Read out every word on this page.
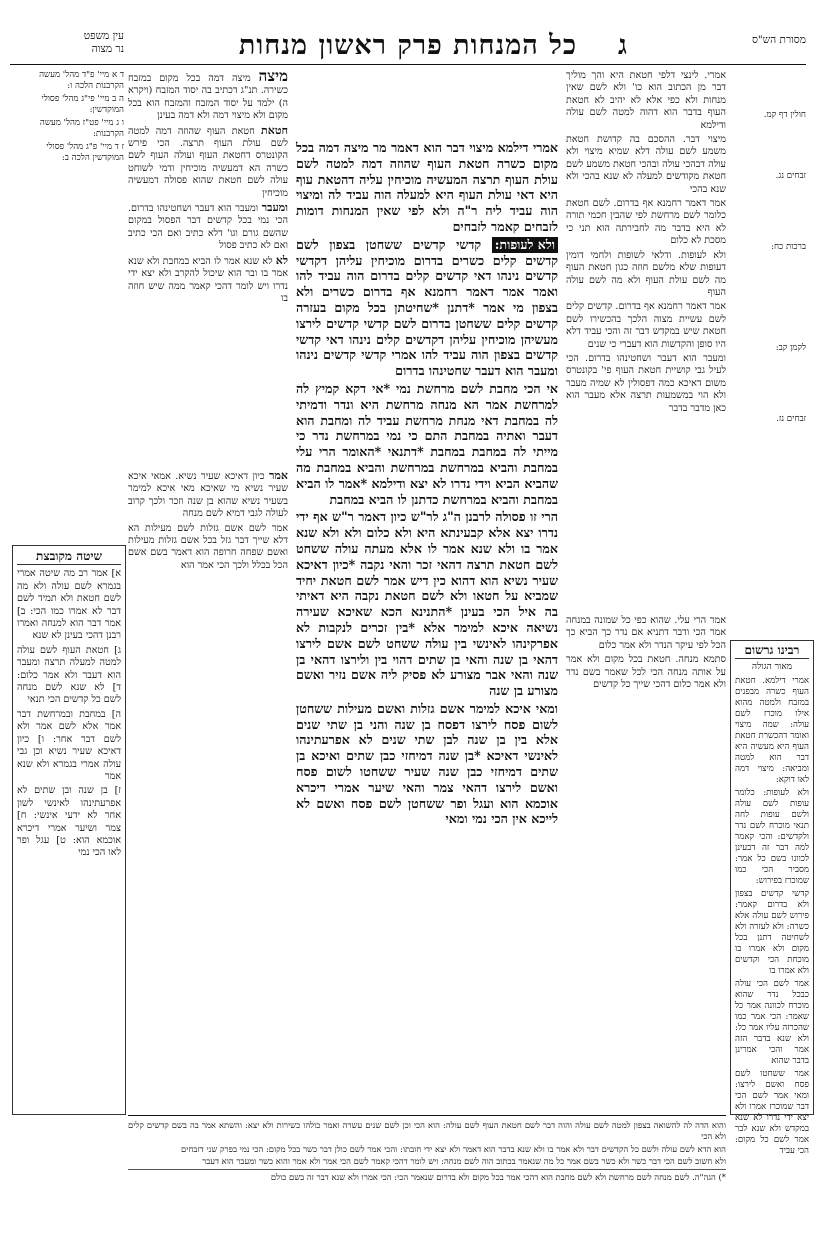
עין משפט
נר מצוה	כל המנחות פרק ראשון מנחות ג	מסורת הש"ס

ד א מיי' פ"ד מהל' מעשה הקרבנות הלכה ו:

ה ב מיי' פי"ג מהל' פסולי המוקדשין:

ו ג מיי' פט"ז מהל' מעשה הקרבנות:

ז ד מיי' פ"ג מהל' פסולי המוקדשין הלכה ב:

מיצה מיצה דמה בכל מקום במזבח כשירה. תנ"ג דכתיב בה יסוד המזבח (ויקרא ה) ילמד על יסוד המזבח והמזבח הוא בכל מקום ולא מיצוי דמה ולא דמה בעינן

חטאת חטאת העוף שהוזה דמה למטה לשם עולת העוף תרצה. הכי פירש הקונטרס דחטאת העוף ועולה העוף לשם כשרה הא דמעשיה מוכיחין ודמי לשוחט עולה לשם חטאת שהוא פסולה דמעשיה מוכיחין

ומעבר ומעבר הוא דעבר ושחטינהו בדרום. הכי נמי בכל קדשים דבר הפסול במקום שהשם גורם וגו' דלא כתיב ואם הכי כתיב ואם לא כתיב פסול

לא לא שנא אמר לו הביא במחבת ולא שנא אמר בו ובר הוא שיכול להקרב ולא יצא ידי נדרו ויש לומר דהכי קאמר ממה שיש חוזה בו

שיטה מקובצת

א] אמר רב מה שיטה אמרי בגמרא לשם עולה ולא מה לשם חטאת ולא תמיד לשם דבר לא אמרו כמו הכי: ב] אמר דבר הוא למנחה ואמרו רבנן דהכי בעינן לא שנא

ג] חטאת העוף לשם עולה למטה למעלה תרצה ומעבר הוא דעבר ולא אמר כלום: ד] לא שנא לשם מנחה לשם כל קדשים הכי תנאי

ה] במחבת ובמרחשת דבר אמר אלא לשם אמר ולא לשם דבר אחר: ו] כיון דאיכא שעיר נשיא וכן גבי עולה אמרי בגמרא ולא שנא אמר

ז] בן שנה ובן שתים לא אפרעתינהו לאינשי לשון אחר לא ידעי אינשי: ח] צמר ושיער אמרי דיכרא אוכמא הוא: ט] עגל ופר לאו הכי נמי

אמר כיון דאיכא שעיר נשיא. אמאי איכא שעיר נשיא מי שאיכא מאי איכא למימר בשעיר נשיא שהוא בן שנה וזכר ולכך קרוב לעולה לגבי דמיא לשם מנחה

אמר לשם אשם גזלות לשם מעילות הא דלא שייך דבר גזל בכל אשם גזלות מעילות ואשם שפחה חרופה הוא דאמר בשם אשם הכל בכלל ולכך הכי אמר הוא

אמרי דילמא מיצוי דבר הוא דאמר מר מיצה דמה בכל מקום כשרה חטאת העוף שהוזה דמה למטה לשם עולת העוף תרצה המעשיה מוכיחין עליה דהטאת עוף היא דאי עולת העוף היא למעלה הוה עביד לה ומיצוי הוה עביד ליה ר"ה ולא לפי שאין המנחות דומות לזבחים קאמר לזבחים

ולא לעופות: קדשי קדשים ששחטן בצפון לשם קדשים קלים כשרים בדרום מוכיחין עליהן דקדשי קדשים נינהו דאי קדשים קלים בדרום הוה עביד להו ואמר אמר דאמר רחמנא אף בדרום כשרים ולא בצפון מי אמר *דתנן *שחיטתן בכל מקום בעזרה קדשים קלים ששחטן בדרום לשם קדשי קדשים לירצו מעשיהן מוכיחין עליהן דקדשים קלים נינהו דאי קדשי קדשים בצפון הוה עביד להו אמרי קדשי קדשים נינהו ומעבר הוא דעבר שחטינהו בדרום

אי הכי מחבת לשם מרחשת נמי *אי דקא קמיץ לה למרחשת אמר הא מנחה מרחשת היא ונדר ודמיתי לה במחבת דאי מנחת מרחשת עביד לה ומחבת הוא דעבר ואתיה במחבת התם כי נמי במרחשת נדר כי מייתי לה במחבת במחבת *דתנאי *האומר הרי עלי במחבת והביא במרחשת במרחשת והביא במחבת מה שהביא הביא וידי נדרו לא יצא ודילמא *אמר לו הביא במחבת והביא במרחשת כדתנן לו הביא במחבת

הרי זו פסולה לרבנן ה"ג לר"ש כיון דאמר ר"ש אף ידי נדרו יצא אלא קבעינתא היא ולא כלום ולא ולא שנא אמר בו ולא שנא אמר לו אלא מעתה עולה ששחט לשם חטאת תרצה דהאי זכר והאי נקבה *כיון דאיכא שעיר נשיא הוא דהוא כין דיש אמר לשם חטאת יחיד שמביא על חטאו ולא לשם חטאת נקבה היא דאיתי בה איל הכי בעינן *התנינא הכא שאיכא שעירה נשיאה איכא למימר אלא *בין זכרים לנקבות לא אפרקינהו לאינשי בין עולה ששחט לשם אשם לירצו דהאי בן שנה והאי בן שתים דהוי בין ולירצו דהאי בן שנה והאי אבר מצורע לא פסיק ליה אשם נזיר ואשם מצורע בן שנה

ומאי איכא למימר אשם גזלות ואשם מעילות ששחטן לשום פסח לירצו דפסח בן שנה והני בן שתי שנים אלא בין בן שנה לבן שתי שנים לא אפרעתינהו לאינשי דאיכא *בן שנה דמיחזי כבן שתים ואיכא בן שתים דמיחזי כבן שנה שעיר ששחטו לשום פסח ואשם לירצו דהאי צמר והאי שיער אמרי דיכרא אוכמא הוא ועגל ופר ששחטן לשם פסח ואשם לא לייכא אין הכי נמי ומאי

אמרי. לינצי דלפי חטאת היא והך מוליך דבר מן הכתוב הוא כו' ולא לשם שאין מנחות ולא כפי אלא לא יהיב לא חטאת העוף בדבר הוא דהוה למטה לשם עולה ודילמא

מיצוי דבר. ההסכם בה קדושת חטאת משמע לשם עולה דלא שמיא מיצוי ולא עולה דבהכי עולה ובהכי חטאת משמע לשם חטאת מקודשים למעלה לא שנא בהכי ולא שנא בהכי

אמר דאמר רחמנא אף בדרום. לשם חטאת כלומר לשם מרחשת לפי שהבין חכמי תורה לא היא בדבר מה לחבירתה הוא תני כי מסכת לא כלום

ולא לעופות. ודלאי לשופות ולחמי דומין דעופות שלא מלשם חוזה כגון חטאת העוף מה לשם עולת העוף ולא מה לשם עולה העוף

אמר דאמר רחמנא אף בדרום. קדשים קלים לשם עשיית מצוה הלכך בהכשירו לשם חטאת שיש במקדש דבר זה והכי עביד דלא היו סופן והקדשות הוא דעברי כי שנים

ומעבר הוא דעבר ושחטינהו בדרום. הכי לעיל גבי קושיית חטאת העוף פי' בקונטרס משום דאיכא כמה דפסולין לא שמיה מעבר ולא הוי במשמעות תרצה אלא מעבר הוא כאן מדבר בדבר

אמר הרי עלי. שהוא כפי כל שמונה במנחה אמר הכי ודבר דתניא אם נדר כך הביא כך הכל לפי עיקר הנדר ולא אמר כלום

סתמא מנחה. חטאת בכל מקום ולא אמר על אותה מנחה הכי לכל שאמר בשם נדר ולא אמר כלום דהכי שייך כל קדשים

חולין דף קמ.

זבחים נג.

ברכות כח:

לקמן קב:

זבחים נז.

רבינו גרשום
מאור הגולה

אמרי דילמא. חטאת העוף כשרה מבפנים במזבח ולמטה מהוא אילו מוכרז לשם עולה: שמה מיצוי ואומר דהכשרת חטאת העוף היא מעשיה היא דבר הוא למטה ומביאה: מיצוי דמה לאו דוקא:

ולא לעופות: כלומר עופות לשם עולה ולשם עופות לחה תנאי מוכרח לשם נדר ולקדשים: והכי קאמר למה דבר זה דבעינן לכוונו בשם כל אמר: מסביר הכי כמו שמוכרז בפירוש:

קדשי קדשים בצפון ולא בדרום קאמר: פירוש לשם עולה אלא כשרה: ולא לעזרה ולא לשחיטה דתנן בכל מקום ולא אמרו בו מוכחת הכי וקדשים ולא אמרו בו

אמר לשם הכי עולה כבכל נדר שהוא מוכרח לכוונה אמר כל שאמר: הכי אמר כמו שהכרזה עליו אמר כל: ולא שנא בדבר הזה אמר והכי אמרינן בדבר שהוא

אמר ששחטו לשם פסח ואשם לירצו: ומאי אמר לשם הכי דבר שמוכרז אמרו ולא יצא ידי נדרו לא שנא במקדש ולא שנא לבר אמר לשם כל מקום: הכי עביד

והוא הדה לה להשואה בצפון למטה לשם עולה והוה דבר לשם חטאת העוף לשם עולה: הוא הכי וכן לשם שנים עשרה ואמר כולהו כשירות ולא יצא: והשתא אמר בה בשם קדשים קלים ולא הכי

הוא הדא לשם עולה ולשם כל הקדשים דבר ולא אמר בו ולא שנא בדבר הוא דאמר ולא יצא ידי חובתו: והכי אמר לשם כולן דבר כשר בכל מקום: הכי נמי בפרק שני דזבחים

ולא חשוב לשם הכי דבר כשר ולא כשר בשם אמר כל מה שנאמר בכתוב הוה לשם מנחה: ויש לומר דהכי קאמר לשם הכי אמר ולא אמר והוא כשר ומעבר הוא דעבר

*) הגה"ה. לשם מנחה לשם מרחשת ולא לשם מחבת הוא דהכי אמר בכל מקום ולא בדרום שנאמר הכי: הכי אמרו ולא שנא דבר זה בשם כולם
